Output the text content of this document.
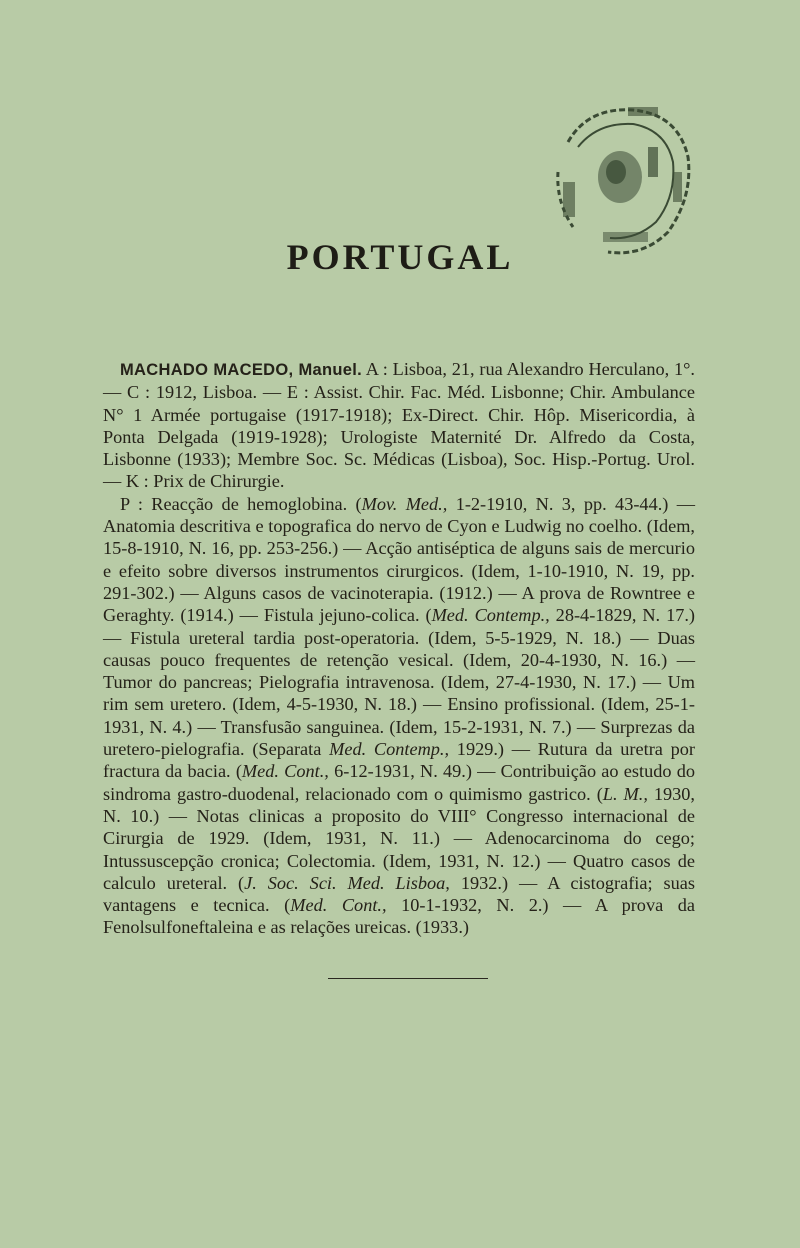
PORTUGAL

MACHADO MACEDO, Manuel. A : Lisboa, 21, rua Alexandro Herculano, 1°. — C : 1912, Lisboa. — E : Assist. Chir. Fac. Méd. Lisbonne; Chir. Ambulance N° 1 Armée portugaise (1917-1918); Ex-Direct. Chir. Hôp. Misericordia, à Ponta Delgada (1919-1928); Urologiste Maternité Dr. Alfredo da Costa, Lisbonne (1933); Membre Soc. Sc. Médicas (Lisboa), Soc. Hisp.-Portug. Urol. — K : Prix de Chirurgie.

P : Reacção de hemoglobina. (Mov. Med., 1-2-1910, N. 3, pp. 43-44.) — Anatomia descritiva e topografica do nervo de Cyon e Ludwig no coelho. (Idem, 15-8-1910, N. 16, pp. 253-256.) — Acção antiséptica de alguns sais de mercurio e efeito sobre diversos instrumentos cirurgicos. (Idem, 1-10-1910, N. 19, pp. 291-302.) — Alguns casos de vacinoterapia. (1912.) — A prova de Rowntree e Geraghty. (1914.) — Fistula jejuno-colica. (Med. Contemp., 28-4-1829, N. 17.) — Fistula ureteral tardia post-operatoria. (Idem, 5-5-1929, N. 18.) — Duas causas pouco frequentes de retenção vesical. (Idem, 20-4-1930, N. 16.) — Tumor do pancreas; Pielografia intravenosa. (Idem, 27-4-1930, N. 17.) — Um rim sem uretero. (Idem, 4-5-1930, N. 18.) — Ensino profissional. (Idem, 25-1-1931, N. 4.) — Transfusão sanguinea. (Idem, 15-2-1931, N. 7.) — Surprezas da uretero-pielografia. (Separata Med. Contemp., 1929.) — Rutura da uretra por fractura da bacia. (Med. Cont., 6-12-1931, N. 49.) — Contribuição ao estudo do sindroma gastro-duodenal, relacionado com o quimismo gastrico. (L. M., 1930, N. 10.) — Notas clinicas a proposito do VIII° Congresso internacional de Cirurgia de 1929. (Idem, 1931, N. 11.) — Adenocarcinoma do cego; Intussuscepção cronica; Colectomia. (Idem, 1931, N. 12.) — Quatro casos de calculo ureteral. (J. Soc. Sci. Med. Lisboa, 1932.) — A cistografia; suas vantagens e tecnica. (Med. Cont., 10-1-1932, N. 2.) — A prova da Fenolsulfoneftaleina e as relações ureicas. (1933.)
